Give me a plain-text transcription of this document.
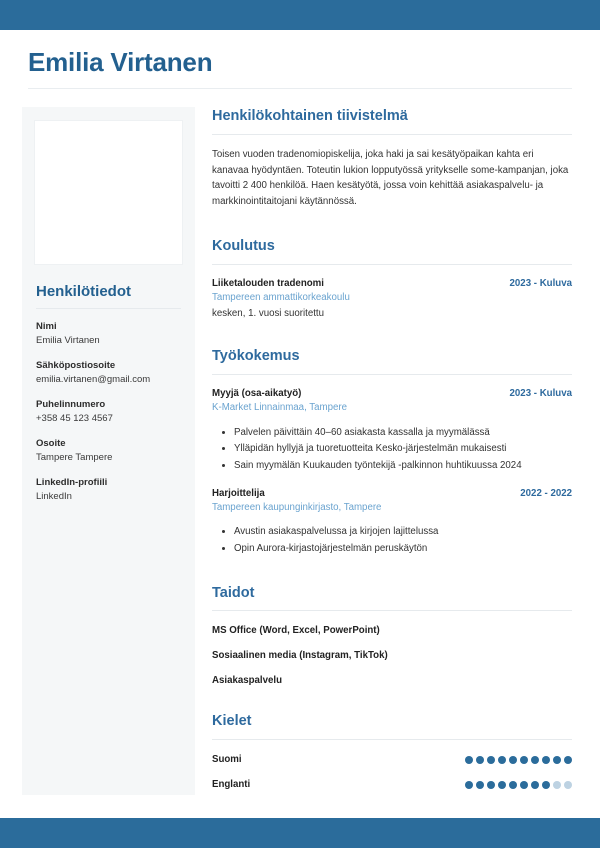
Emilia Virtanen
Henkilötiedot
Nimi
Emilia Virtanen
Sähköpostiosoite
emilia.virtanen@gmail.com
Puhelinnumero
+358 45 123 4567
Osoite
Tampere Tampere
LinkedIn-profiili
LinkedIn
Henkilökohtainen tiivistelmä

Toisen vuoden tradenomiopiskelija, joka haki ja sai kesätyöpaikan kahta eri kanavaa hyödyntäen. Toteutin lukion lopputyössä yritykselle some-kampanjan, joka tavoitti 2 400 henkilöä. Haen kesätyötä, jossa voin kehittää asiakaspalvelu- ja markkinointitaitojani käytännössä.

Koulutus
Liiketalouden tradenomi	2023 - Kuluva
Tampereen ammattikorkeakoulu
kesken, 1. vuosi suoritettu
Työkokemus
Myyjä (osa-aikatyö)	2023 - Kuluva
K-Market Linnainmaa, Tampere
• Palvelen päivittäin 40–60 asiakasta kassalla ja myymälässä
• Ylläpidän hyllyjä ja tuoretuotteita Kesko-järjestelmän mukaisesti
• Sain myymälän Kuukauden työntekijä -palkinnon huhtikuussa 2024
Harjoittelija	2022 - 2022
Tampereen kaupunginkirjasto, Tampere
• Avustin asiakaspalvelussa ja kirjojen lajittelussa
• Opin Aurora-kirjastojärjestelmän peruskäytön
Taidot
MS Office (Word, Excel, PowerPoint)
Sosiaalinen media (Instagram, TikTok)
Asiakaspalvelu
Kielet
Suomi
Englanti
